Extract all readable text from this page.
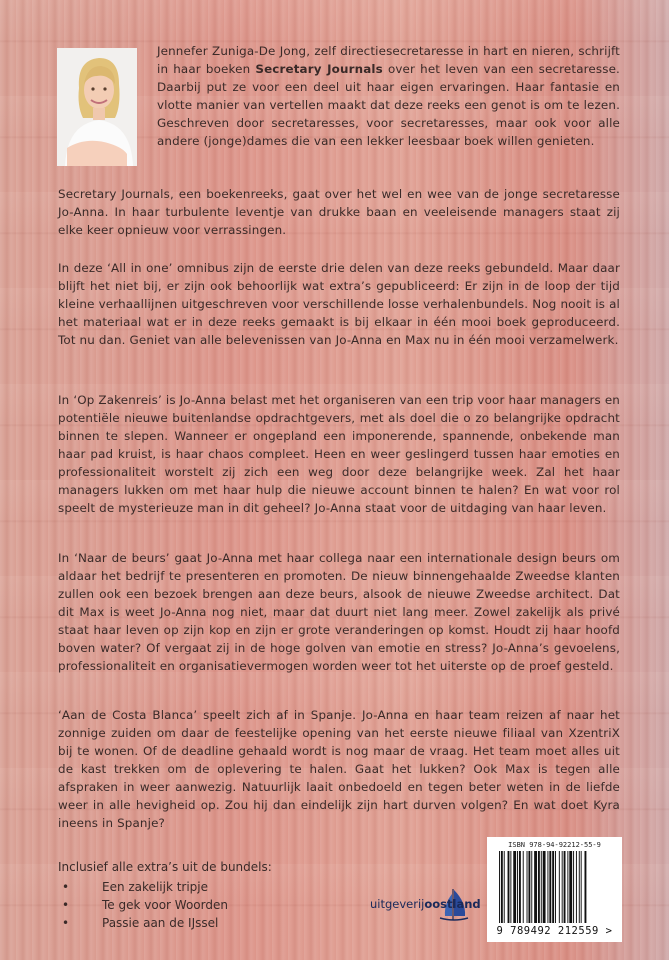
Jennefer Zuniga-De Jong, zelf directiesecretaresse in hart en nieren, schrijft in haar boeken Secretary Journals over het leven van een secretaresse. Daarbij put ze voor een deel uit haar eigen ervaringen. Haar fantasie en vlotte manier van vertellen maakt dat deze reeks een genot is om te lezen. Geschreven door secretaresses, voor secretaresses, maar ook voor alle andere (jonge)dames die van een lekker leesbaar boek willen genieten.

Secretary Journals, een boekenreeks, gaat over het wel en wee van de jonge secretaresse Jo-Anna. In haar turbulente leventje van drukke baan en veeleisende managers staat zij elke keer opnieuw voor verrassingen.

In deze ‘All in one’ omnibus zijn de eerste drie delen van deze reeks gebundeld. Maar daar blijft het niet bij, er zijn ook behoorlijk wat extra’s gepubliceerd: Er zijn in de loop der tijd kleine verhaallijnen uitgeschreven voor verschillende losse verhalenbundels. Nog nooit is al het materiaal wat er in deze reeks gemaakt is bij elkaar in één mooi boek geproduceerd. Tot nu dan. Geniet van alle belevenissen van Jo-Anna en Max nu in één mooi verzamelwerk.

In ‘Op Zakenreis’ is Jo-Anna belast met het organiseren van een trip voor haar managers en potentiële nieuwe buitenlandse opdrachtgevers, met als doel die o zo belangrijke opdracht binnen te slepen. Wanneer er ongepland een imponerende, spannende, onbekende man haar pad kruist, is haar chaos compleet. Heen en weer geslingerd tussen haar emoties en professionaliteit worstelt zij zich een weg door deze belangrijke week. Zal het haar managers lukken om met haar hulp die nieuwe account binnen te halen? En wat voor rol speelt de mysterieuze man in dit geheel? Jo-Anna staat voor de uitdaging van haar leven.

In ‘Naar de beurs’ gaat Jo-Anna met haar collega naar een internationale design beurs om aldaar het bedrijf te presenteren en promoten. De nieuw binnengehaalde Zweedse klanten zullen ook een bezoek brengen aan deze beurs, alsook de nieuwe Zweedse architect. Dat dit Max is weet Jo-Anna nog niet, maar dat duurt niet lang meer. Zowel zakelijk als privé staat haar leven op zijn kop en zijn er grote veranderingen op komst. Houdt zij haar hoofd boven water? Of vergaat zij in de hoge golven van emotie en stress? Jo-Anna’s gevoelens, professionaliteit en organisatievermogen worden weer tot het uiterste op de proef gesteld.

‘Aan de Costa Blanca’ speelt zich af in Spanje. Jo-Anna en haar team reizen af naar het zonnige zuiden om daar de feestelijke opening van het eerste nieuwe filiaal van XzentriX bij te wonen. Of de deadline gehaald wordt is nog maar de vraag. Het team moet alles uit de kast trekken om de oplevering te halen. Gaat het lukken? Ook Max is tegen alle afspraken in weer aanwezig. Natuurlijk laait onbedoeld en tegen beter weten in de liefde weer in alle hevigheid op. Zou hij dan eindelijk zijn hart durven volgen? En wat doet Kyra ineens in Spanje?

Inclusief alle extra’s uit de bundels:

•	Een zakelijk tripje
•	Te gek voor Woorden
•	Passie aan de IJssel
uitgeverijoostland
ISBN 978-94-92212-55-9
9 789492 212559 >
